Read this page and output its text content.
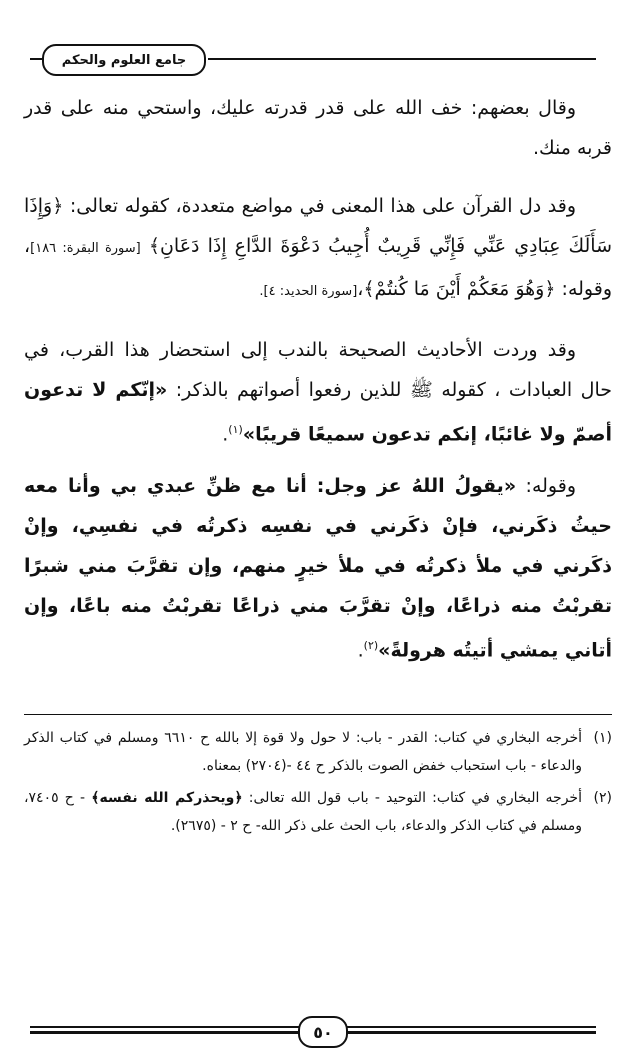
جامع العلوم والحكم

وقال بعضهم: خف الله على قدر قدرته عليك، واستحي منه على قدر قربه منك.

وقد دل القرآن على هذا المعنى في مواضع متعددة، كقوله تعالى: ﴿وَإِذَا سَأَلَكَ عِبَادِي عَنِّي فَإِنِّي قَرِيبٌ أُجِيبُ دَعْوَةَ الدَّاعِ إِذَا دَعَانِ﴾ [سورة البقرة: ١٨٦]، وقوله: ﴿وَهُوَ مَعَكُمْ أَيْنَ مَا كُنتُمْ﴾،[سورة الحديد: ٤].

وقد وردت الأحاديث الصحيحة بالندب إلى استحضار هذا القرب، في حال العبادات ، كقوله ﷺ للذين رفعوا أصواتهم بالذكر: «إنّكم لا تدعون أصمّ ولا غائبًا، إنكم تدعون سميعًا قريبًا»$^{(١)}$.

وقوله: «يقولُ اللهُ عز وجل: أنا مع ظنِّ عبدي بي وأنا معه حيثُ ذكَرني، فإنْ ذكَرني في نفسِه ذكرتُه في نفسِي، وإنْ ذكَرني في ملأ ذكرتُه في ملأ خيرٍ منهم، وإن تقرَّبَ مني شبرًا تقربْتُ منه ذراعًا، وإنْ تقرَّبَ مني ذراعًا تقربْتُ منه باعًا، وإن أتاني يمشي أتيتُه هرولةً»$^{(٢)}$.

(١)
أخرجه البخاري في كتاب: القدر - باب: لا حول ولا قوة إلا بالله ح ٦٦١٠ ومسلم في كتاب الذكر والدعاء - باب استحباب خفض الصوت بالذكر ح ٤٤ -(٢٧٠٤) بمعناه.
(٢)
أخرجه البخاري في كتاب: التوحيد - باب قول الله تعالى: ﴿ويحذركم الله نفسه﴾ - ح ٧٤٠٥، ومسلم في كتاب الذكر والدعاء، باب الحث على ذكر الله- ح ٢ - (٢٦٧٥).
٥٠
